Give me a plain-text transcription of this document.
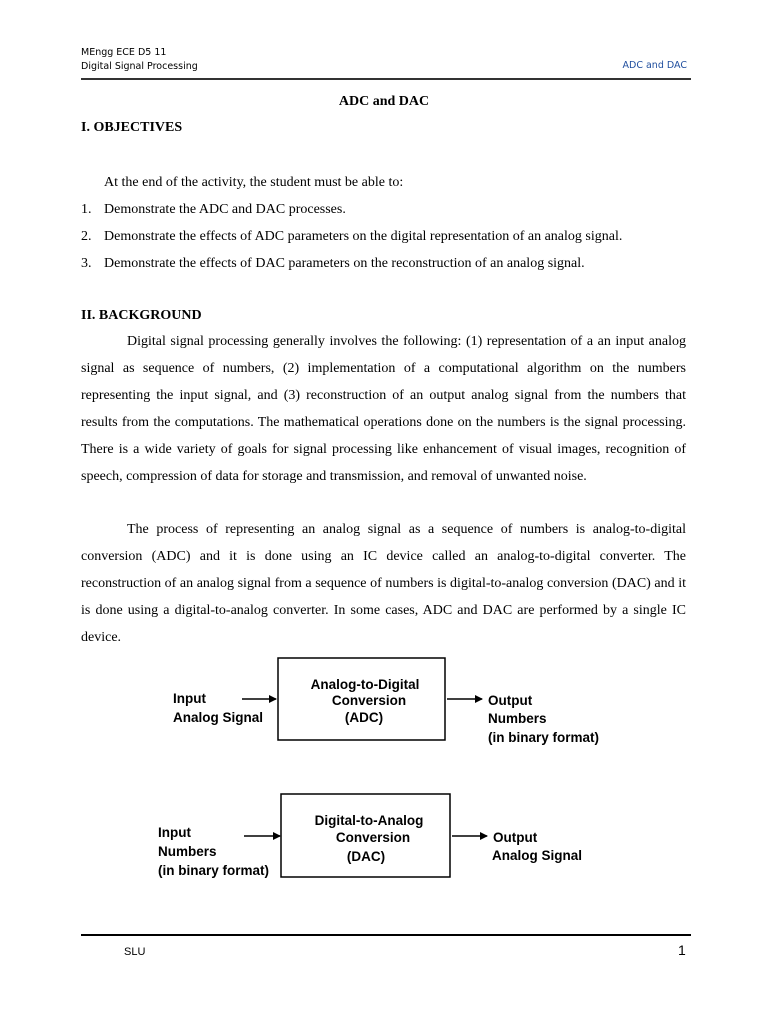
MEngg ECE D5 11
Digital Signal Processing	ADC and DAC
ADC and DAC
I. OBJECTIVES
At the end of the activity, the student must be able to:
1. Demonstrate the ADC and DAC processes.
2. Demonstrate the effects of ADC parameters on the digital representation of an analog signal.
3. Demonstrate the effects of DAC parameters on the reconstruction of an analog signal.
II. BACKGROUND
Digital signal processing generally involves the following: (1) representation of a an input analog signal as sequence of numbers, (2) implementation of a computational algorithm on the numbers representing the input signal, and (3) reconstruction of an output analog signal from the numbers that results from the computations. The mathematical operations done on the numbers is the signal processing. There is a wide variety of goals for signal processing like enhancement of visual images, recognition of speech, compression of data for storage and transmission, and removal of unwanted noise.
The process of representing an analog signal as a sequence of numbers is analog-to-digital conversion (ADC) and it is done using an IC device called an analog-to-digital converter. The reconstruction of an analog signal from a sequence of numbers is digital-to-analog conversion (DAC) and it is done using a digital-to-analog converter. In some cases, ADC and DAC are performed by a single IC device.
Input
Analog Signal
Analog-to-Digital
Conversion
(ADC)
Output
Numbers
(in binary format)
Input
Numbers
(in binary format)
Digital-to-Analog
Conversion
(DAC)
Output
Analog Signal
SLU	1
